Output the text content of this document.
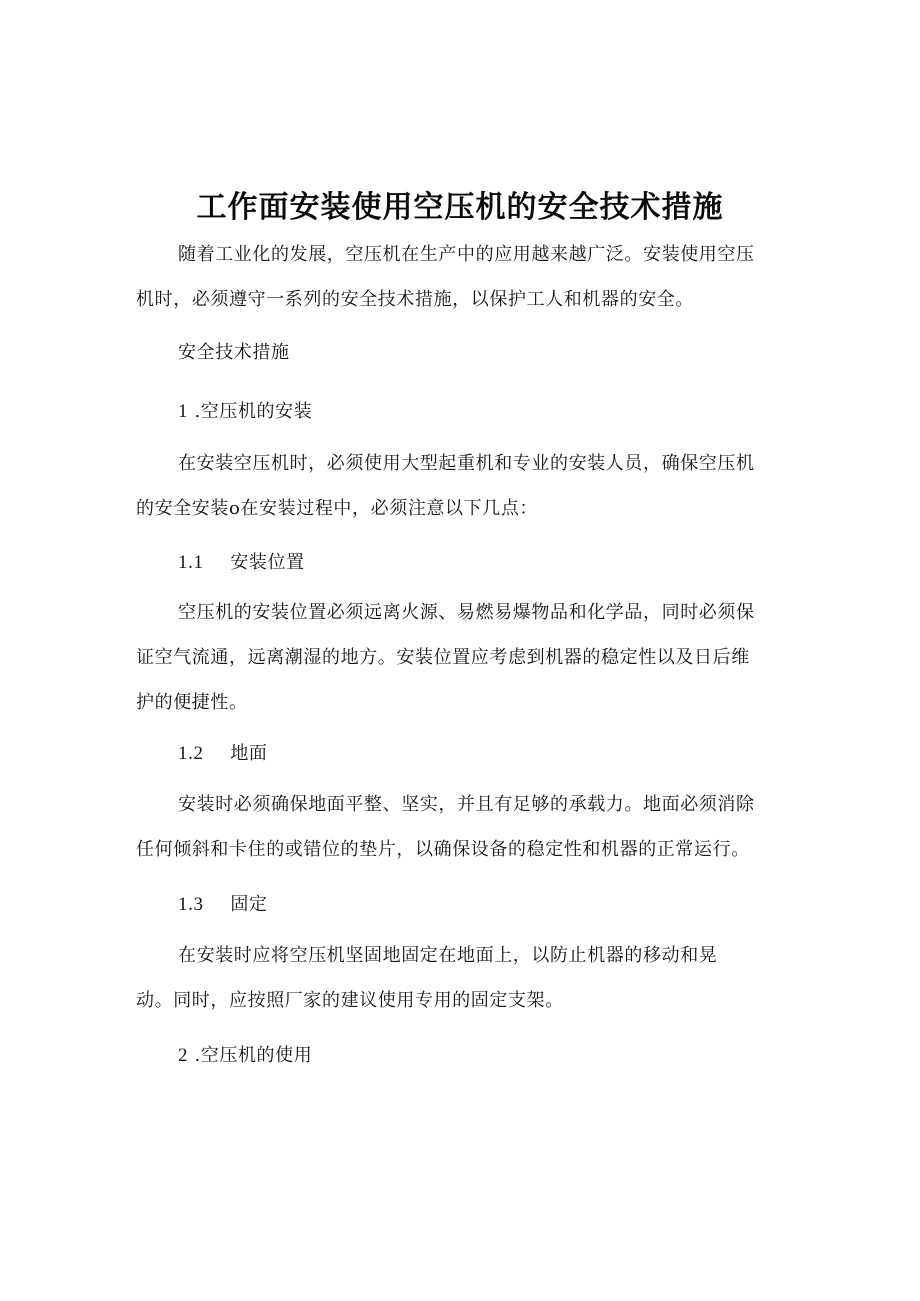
工作面安装使用空压机的安全技术措施

随着工业化的发展，空压机在生产中的应用越来越广泛。安装使用空压
机时，必须遵守一系列的安全技术措施，以保护工人和机器的安全。

安全技术措施
1 .空压机的安装

在安装空压机时，必须使用大型起重机和专业的安装人员，确保空压机
的安全安装o在安装过程中，必须注意以下几点：

1.1 安装位置

空压机的安装位置必须远离火源、易燃易爆物品和化学品，同时必须保
证空气流通，远离潮湿的地方。安装位置应考虑到机器的稳定性以及日后维
护的便捷性。

1.2 地面

安装时必须确保地面平整、坚实，并且有足够的承载力。地面必须消除
任何倾斜和卡住的或错位的垫片，以确保设备的稳定性和机器的正常运行。

1.3 固定

在安装时应将空压机坚固地固定在地面上，以防止机器的移动和晃
动。同时，应按照厂家的建议使用专用的固定支架。

2 .空压机的使用
